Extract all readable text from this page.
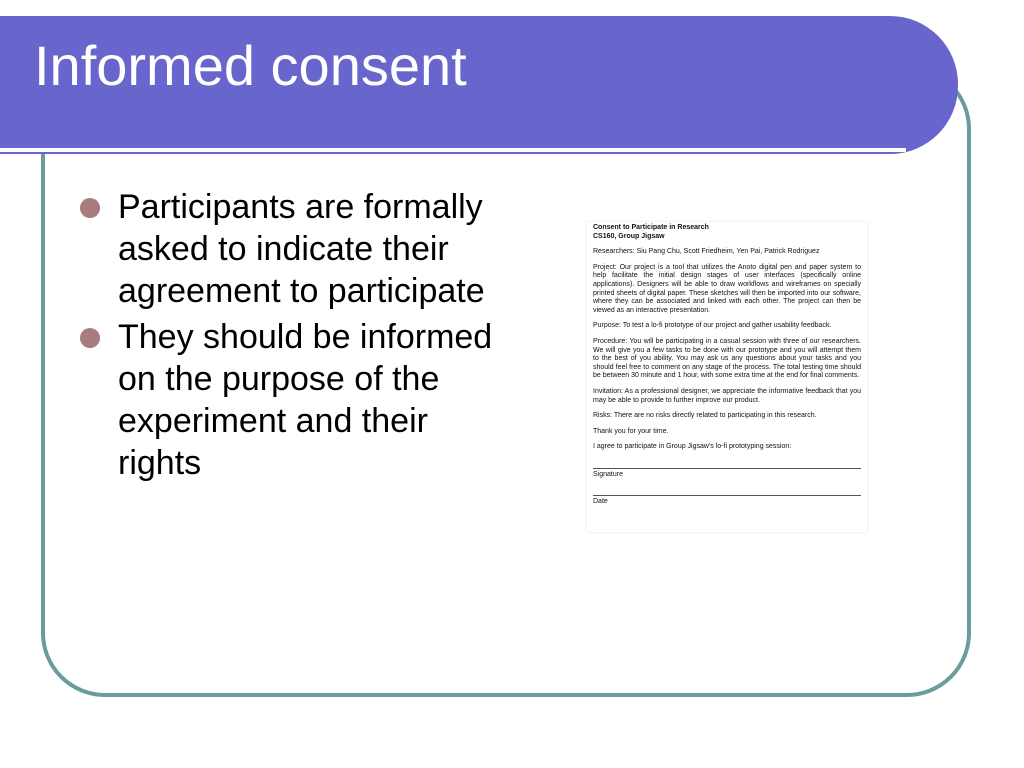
Informed consent
Participants are formally asked to indicate their agreement to participate
They should be informed on the purpose of the experiment and their rights
Consent to Participate in Research

CS160, Group Jigsaw

Researchers: Siu Pang Chu, Scott Friedheim, Yen Pai, Patrick Rodriguez

Project: Our project is a tool that utilizes the Anoto digital pen and paper system to help facilitate the initial design stages of user interfaces (specifically online applications). Designers will be able to draw workflows and wireframes on specially printed sheets of digital paper. These sketches will then be imported into our software, where they can be associated and linked with each other. The project can then be viewed as an interactive presentation.

Purpose: To test a lo-fi prototype of our project and gather usability feedback.

Procedure: You will be participating in a casual session with three of our researchers. We will give you a few tasks to be done with our prototype and you will attempt them to the best of you ability. You may ask us any questions about your tasks and you should feel free to comment on any stage of the process. The total testing time should be between 30 minute and 1 hour, with some extra time at the end for final comments.

Invitation: As a professional designer, we appreciate the informative feedback that you may be able to provide to further improve our product.

Risks: There are no risks directly related to participating in this research.

Thank you for your time.

I agree to participate in Group Jigsaw's lo-fi prototyping session:

Signature
Date
